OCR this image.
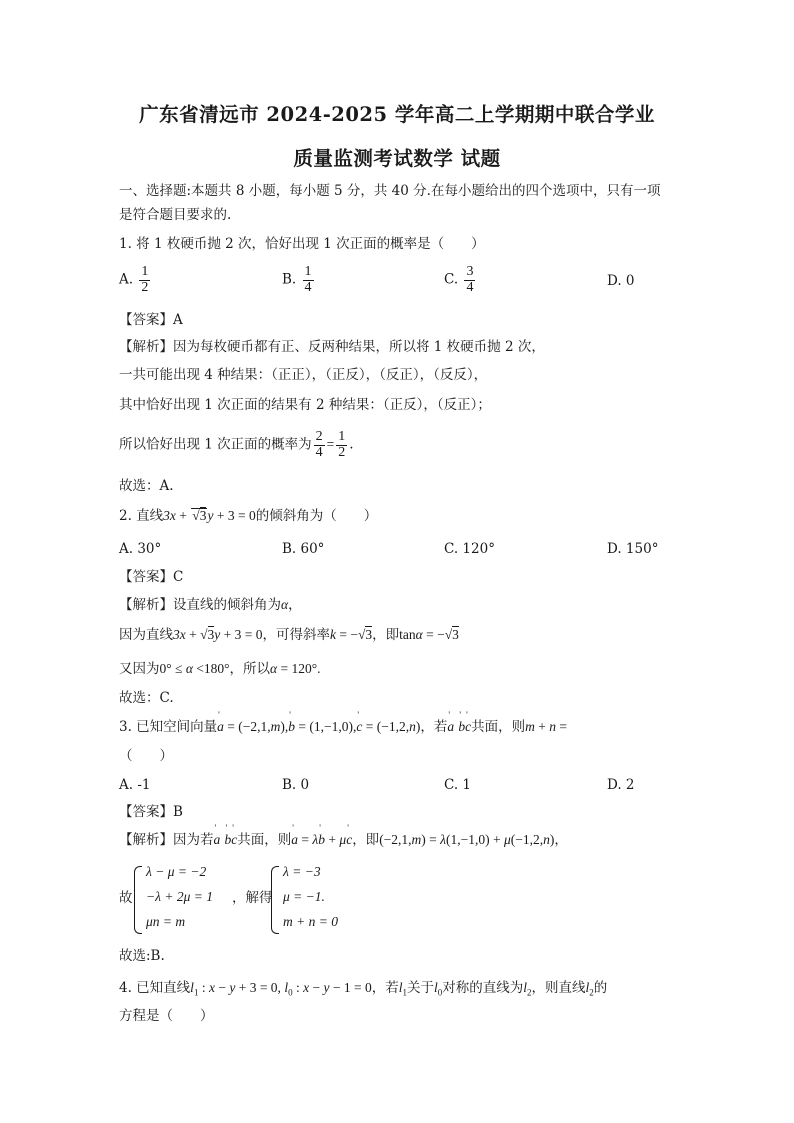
广东省清远市 2024-2025 学年高二上学期期中联合学业
质量监测考试数学 试题
一、选择题:本题共 8 小题，每小题 5 分，共 40 分.在每小题给出的四个选项中，只有一项
是符合题目要求的.
1. 将 1 枚硬币抛 2 次，恰好出现 1 次正面的概率是（　　）
A. $\frac{1}{2}$	B. $\frac{1}{4}$	C. $\frac{3}{4}$	D. 0
【答案】A
【解析】因为每枚硬币都有正、反两种结果，所以将 1 枚硬币抛 2 次，
一共可能出现 4 种结果：（正正），（正反），（反正），（反反），
其中恰好出现 1 次正面的结果有 2 种结果：（正反），（反正）；
所以恰好出现 1 次正面的概率为 $\frac{2}{4} = \frac{1}{2}$ .
故选：A.
2. 直线3x + √3y + 3 = 0的倾斜角为（　　）
A. 30°	B. 60°	C. 120°	D. 150°
【答案】C
【解析】设直线的倾斜角为α，
因为直线3x + √3y + 3 = 0，可得斜率k = −√3，即tanα = −√3
又因为0° ≤ α <180°，所以α = 120°.
故选：C.
3. 已知空间向量' a = (−2,1,m),' b = (1,−1,0),' c = (−1,2,n)，若' a ' b' c共面，则m + n =
（　　）
A. -1	B. 0	C. 1	D. 2
【答案】B
【解析】因为若' a ' b' c共面，则' a = λ' b + μ' c，即(−2,1,m) = λ(1,−1,0) + μ(−1,2,n)，
故
λ − μ = −2
−λ + 2μ = 1
μn = m
，解得
λ = −3
μ = −1.
m + n = 0
故选:B.
4. 已知直线$l_1$ : x − y + 3 = 0, $l_0$ : x − y − 1 = 0，若$l_1$关于$l_0$对称的直线为$l_2$，则直线$l_2$的
方程是（　　）
